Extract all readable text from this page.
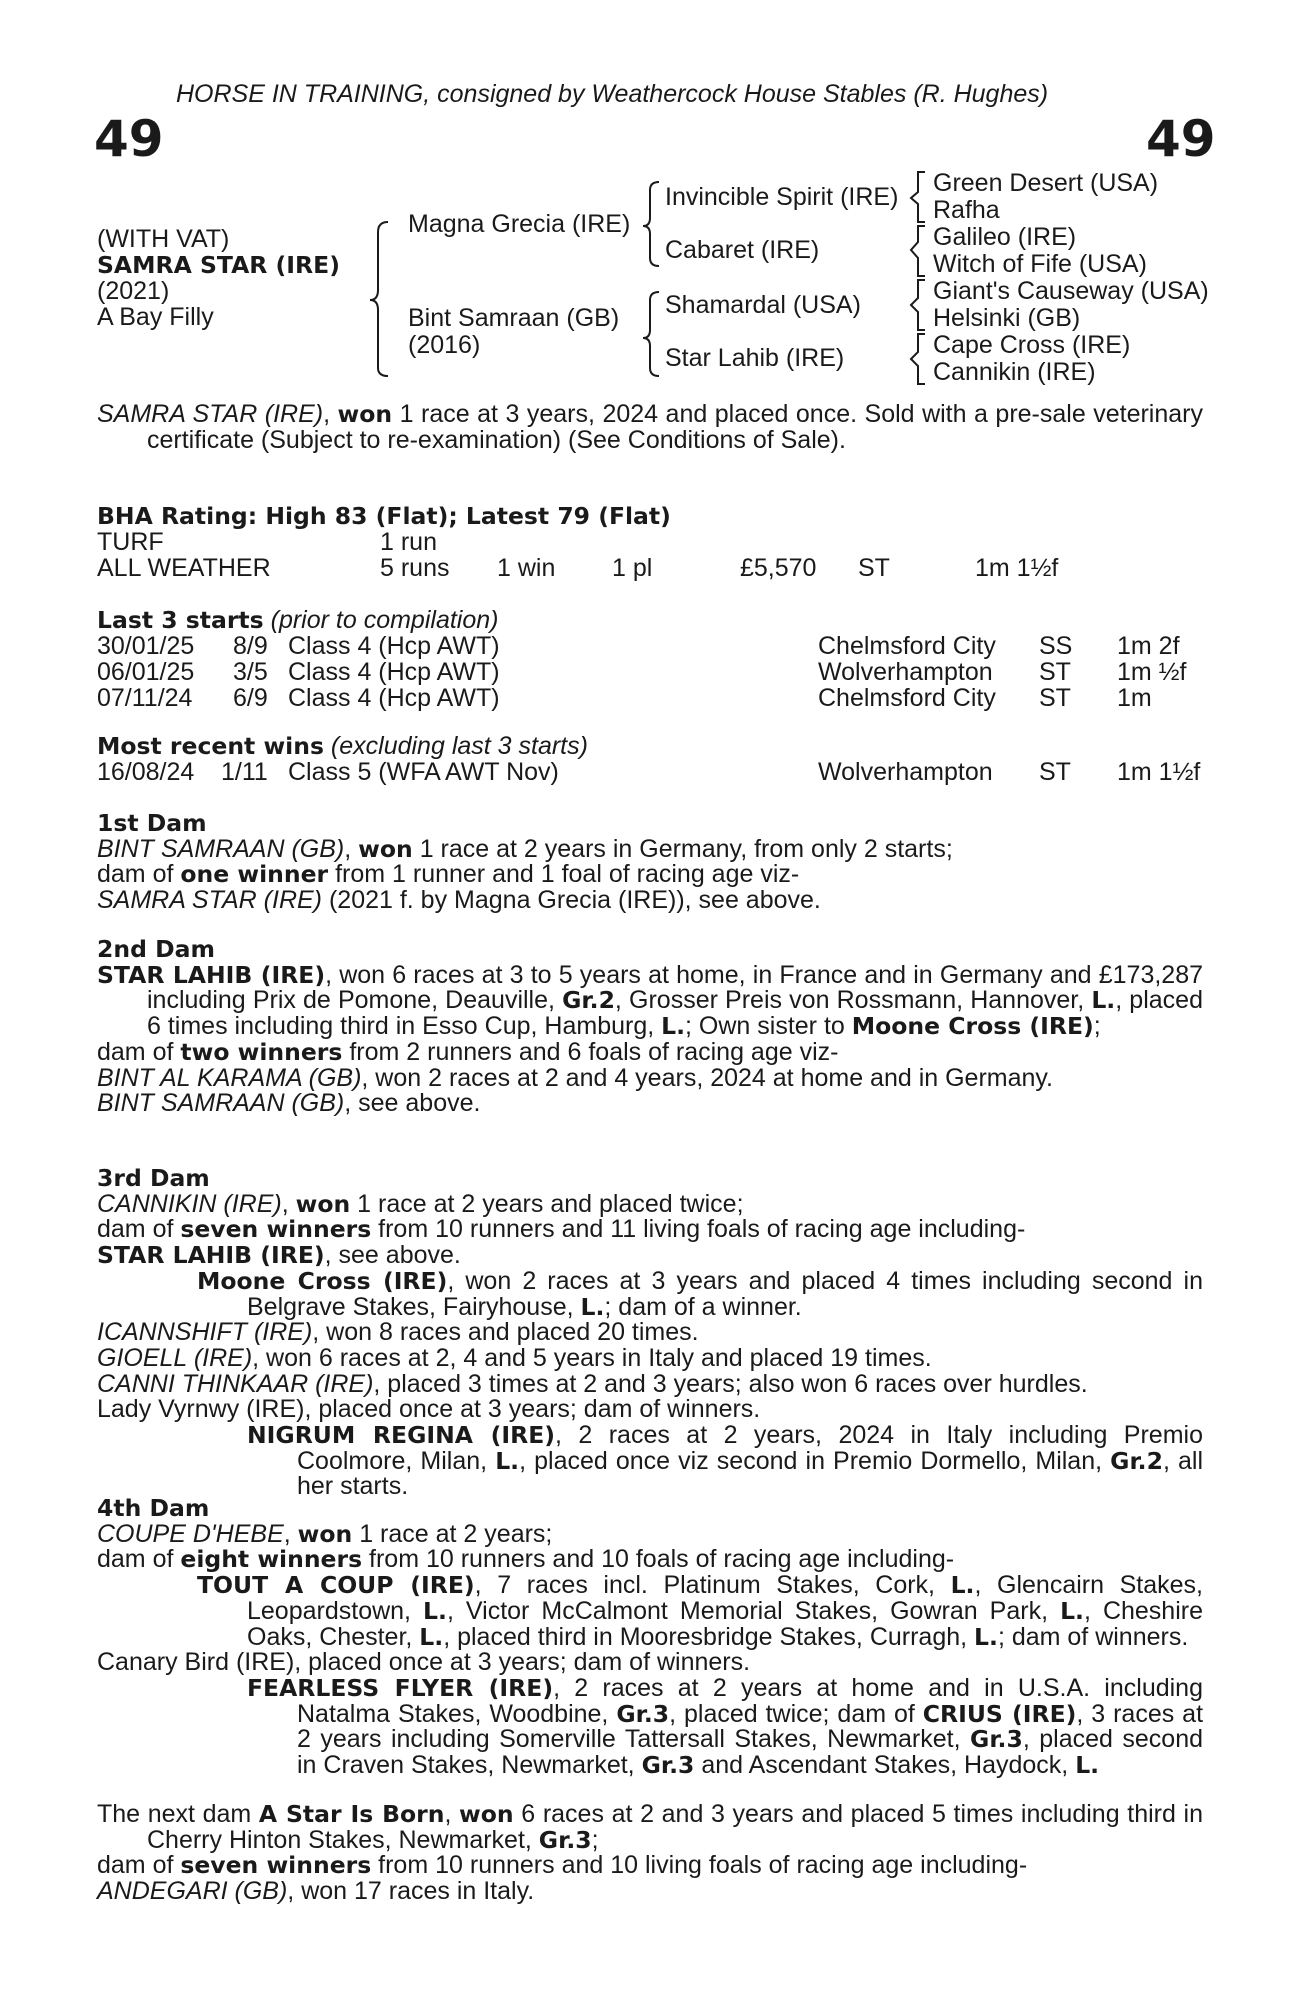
HORSE IN TRAINING, consigned by Weathercock House Stables (R. Hughes)
49	49
(WITH VAT)
SAMRA STAR (IRE)
(2021)
A Bay Filly
Magna Grecia (IRE)
Bint Samraan (GB)
(2016)
Invincible Spirit (IRE)
Cabaret (IRE)
Shamardal (USA)
Star Lahib (IRE)
Green Desert (USA)
Rafha
Galileo (IRE)
Witch of Fife (USA)
Giant's Causeway (USA)
Helsinki (GB)
Cape Cross (IRE)
Cannikin (IRE)

SAMRA STAR (IRE), won 1 race at 3 years, 2024 and placed once. Sold with a pre-sale veterinary certificate (Subject to re-examination) (See Conditions of Sale).

BHA Rating: High 83 (Flat); Latest 79 (Flat)
TURF	1 run
ALL WEATHER	5 runs 1 win 1 pl	£5,570 ST	1m 1½f
Last 3 starts (prior to compilation)
30/01/25 8/9 Class 4 (Hcp AWT)	Chelmsford City SS 1m 2f
06/01/25 3/5 Class 4 (Hcp AWT)	Wolverhampton ST 1m ½f
07/11/24 6/9 Class 4 (Hcp AWT)	Chelmsford City ST 1m
Most recent wins (excluding last 3 starts)
16/08/24 1/11 Class 5 (WFA AWT Nov)	Wolverhampton ST 1m 1½f

1st Dam

BINT SAMRAAN (GB), won 1 race at 2 years in Germany, from only 2 starts;

dam of one winner from 1 runner and 1 foal of racing age viz-

SAMRA STAR (IRE) (2021 f. by Magna Grecia (IRE)), see above.

2nd Dam

STAR LAHIB (IRE), won 6 races at 3 to 5 years at home, in France and in Germany and £173,287 including Prix de Pomone, Deauville, Gr.2, Grosser Preis von Rossmann, Hannover, L., placed 6 times including third in Esso Cup, Hamburg, L.; Own sister to Moone Cross (IRE);

dam of two winners from 2 runners and 6 foals of racing age viz-

BINT AL KARAMA (GB), won 2 races at 2 and 4 years, 2024 at home and in Germany.

BINT SAMRAAN (GB), see above.

3rd Dam

CANNIKIN (IRE), won 1 race at 2 years and placed twice;

dam of seven winners from 10 runners and 11 living foals of racing age including-

STAR LAHIB (IRE), see above.

Moone Cross (IRE), won 2 races at 3 years and placed 4 times including second in Belgrave Stakes, Fairyhouse, L.; dam of a winner.

ICANNSHIFT (IRE), won 8 races and placed 20 times.

GIOELL (IRE), won 6 races at 2, 4 and 5 years in Italy and placed 19 times.

CANNI THINKAAR (IRE), placed 3 times at 2 and 3 years; also won 6 races over hurdles.

Lady Vyrnwy (IRE), placed once at 3 years; dam of winners.

NIGRUM REGINA (IRE), 2 races at 2 years, 2024 in Italy including Premio Coolmore, Milan, L., placed once viz second in Premio Dormello, Milan, Gr.2, all her starts.

4th Dam

COUPE D'HEBE, won 1 race at 2 years;

dam of eight winners from 10 runners and 10 foals of racing age including-

TOUT A COUP (IRE), 7 races incl. Platinum Stakes, Cork, L., Glencairn Stakes, Leopardstown, L., Victor McCalmont Memorial Stakes, Gowran Park, L., Cheshire Oaks, Chester, L., placed third in Mooresbridge Stakes, Curragh, L.; dam of winners.

Canary Bird (IRE), placed once at 3 years; dam of winners.

FEARLESS FLYER (IRE), 2 races at 2 years at home and in U.S.A. including Natalma Stakes, Woodbine, Gr.3, placed twice; dam of CRIUS (IRE), 3 races at 2 years including Somerville Tattersall Stakes, Newmarket, Gr.3, placed second in Craven Stakes, Newmarket, Gr.3 and Ascendant Stakes, Haydock, L.

The next dam A Star Is Born, won 6 races at 2 and 3 years and placed 5 times including third in Cherry Hinton Stakes, Newmarket, Gr.3;

dam of seven winners from 10 runners and 10 living foals of racing age including-

ANDEGARI (GB), won 17 races in Italy.
